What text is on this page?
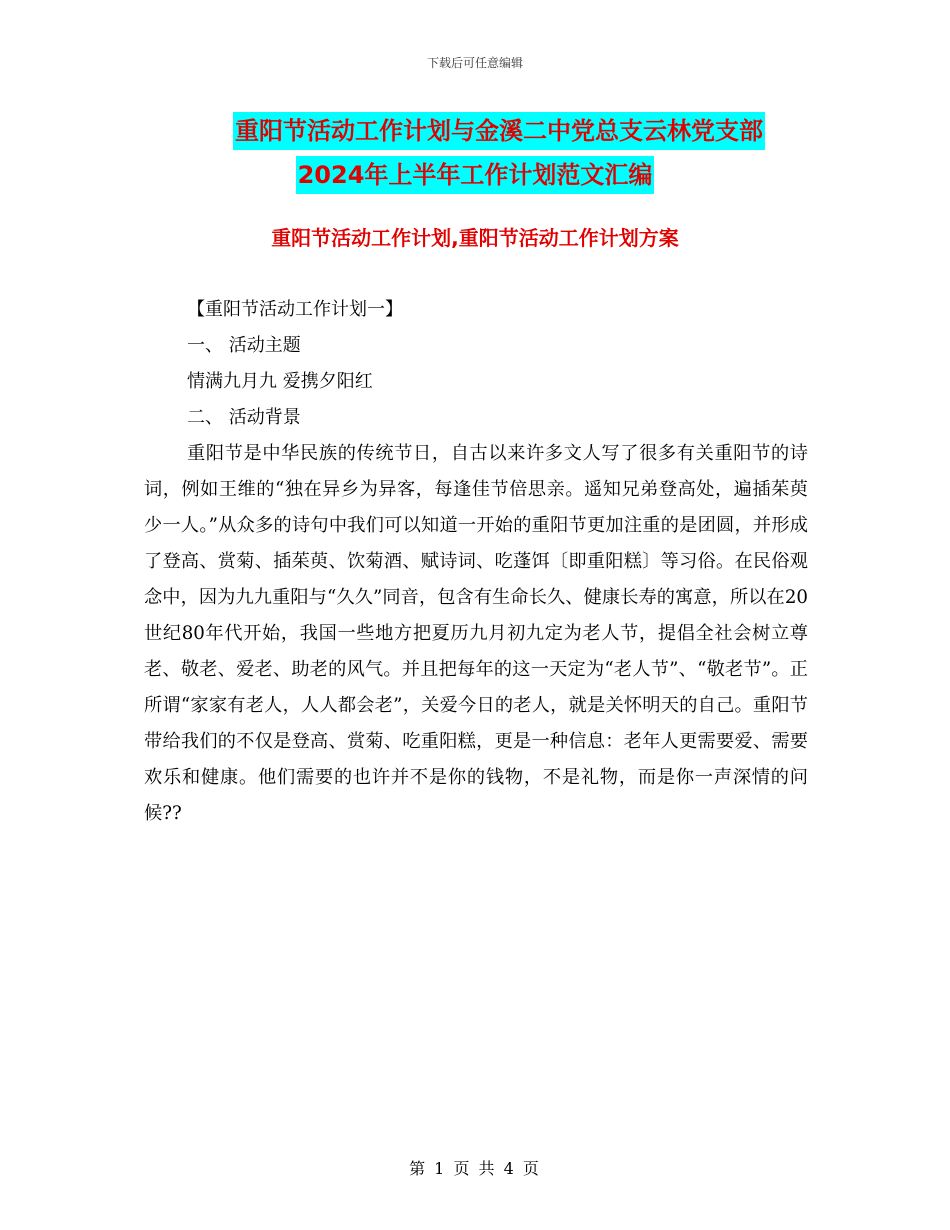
下载后可任意编辑
重阳节活动工作计划与金溪二中党总支云林党支部
2024年上半年工作计划范文汇编
重阳节活动工作计划,重阳节活动工作计划方案
【重阳节活动工作计划一】
一、 活动主题
情满九月九 爱携夕阳红
二、 活动背景
重阳节是中华民族的传统节日，自古以来许多文人写了很多有关重阳节的诗词，例如王维的“独在异乡为异客，每逢佳节倍思亲。遥知兄弟登高处，遍插茱萸少一人。”从众多的诗句中我们可以知道一开始的重阳节更加注重的是团圆，并形成了登高、赏菊、插茱萸、饮菊酒、赋诗词、吃蓬饵〔即重阳糕〕等习俗。在民俗观念中，因为九九重阳与“久久”同音，包含有生命长久、健康长寿的寓意，所以在20世纪80年代开始，我国一些地方把夏历九月初九定为老人节，提倡全社会树立尊老、敬老、爱老、助老的风气。并且把每年的这一天定为“老人节”、“敬老节”。正所谓“家家有老人，人人都会老”，关爱今日的老人，就是关怀明天的自己。重阳节带给我们的不仅是登高、赏菊、吃重阳糕，更是一种信息：老年人更需要爱、需要欢乐和健康。他们需要的也许并不是你的钱物，不是礼物，而是你一声深情的问候??
第 1 页 共 4 页
